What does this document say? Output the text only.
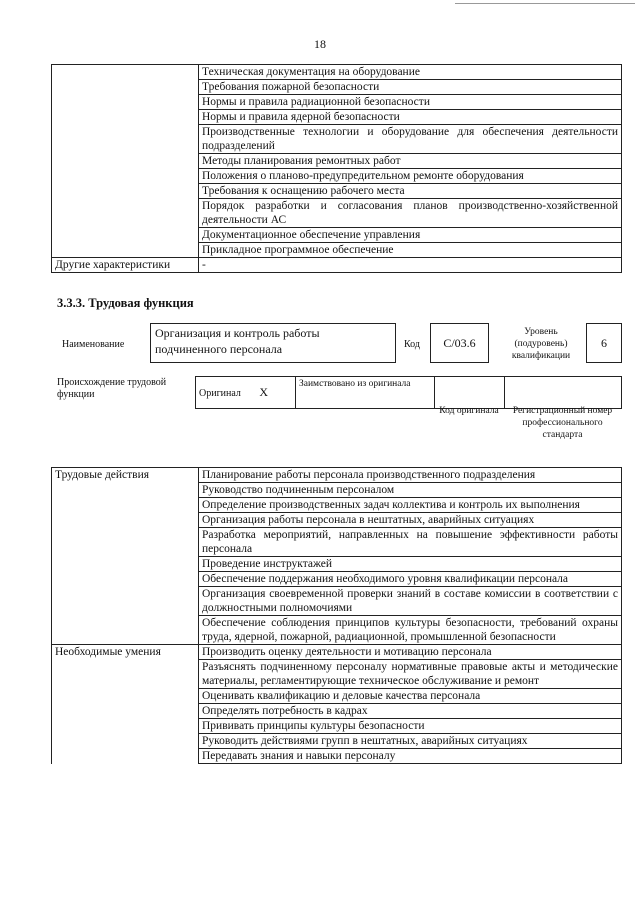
18
	Техническая документация на оборудование
	Требования пожарной безопасности
	Нормы и правила радиационной безопасности
	Нормы и правила ядерной безопасности
	Производственные технологии и оборудование для обеспечения деятельности подразделений
	Методы планирования ремонтных работ
	Положения о планово-предупредительном ремонте оборудования
	Требования к оснащению рабочего места
	Порядок разработки и согласования планов производственно-хозяйственной деятельности АС
	Документационное обеспечение управления
	Прикладное программное обеспечение
Другие характеристики	-
3.3.3. Трудовая функция
Наименование
Организация и контроль работы подчиненного персонала	Код	C/03.6
Уровень (подуровень) квалификации
6
Происхождение трудовой функции	Оригинал X	Заимствовано из оригинала		
Код оригинала	Регистрационный номер профессионального стандарта
Трудовые действия	Планирование работы персонала производственного подразделения
	Руководство подчиненным персоналом
	Определение производственных задач коллектива и контроль их выполнения
	Организация работы персонала в нештатных, аварийных ситуациях
	Разработка мероприятий, направленных на повышение эффективности работы персонала
	Проведение инструктажей
	Обеспечение поддержания необходимого уровня квалификации персонала
	Организация своевременной проверки знаний в составе комиссии в соответствии с должностными полномочиями
	Обеспечение соблюдения принципов культуры безопасности, требований охраны труда, ядерной, пожарной, радиационной, промышленной безопасности
Необходимые умения	Производить оценку деятельности и мотивацию персонала
	Разъяснять подчиненному персоналу нормативные правовые акты и методические материалы, регламентирующие техническое обслуживание и ремонт
	Оценивать квалификацию и деловые качества персонала
	Определять потребность в кадрах
	Прививать принципы культуры безопасности
	Руководить действиями групп в нештатных, аварийных ситуациях
	Передавать знания и навыки персоналу
